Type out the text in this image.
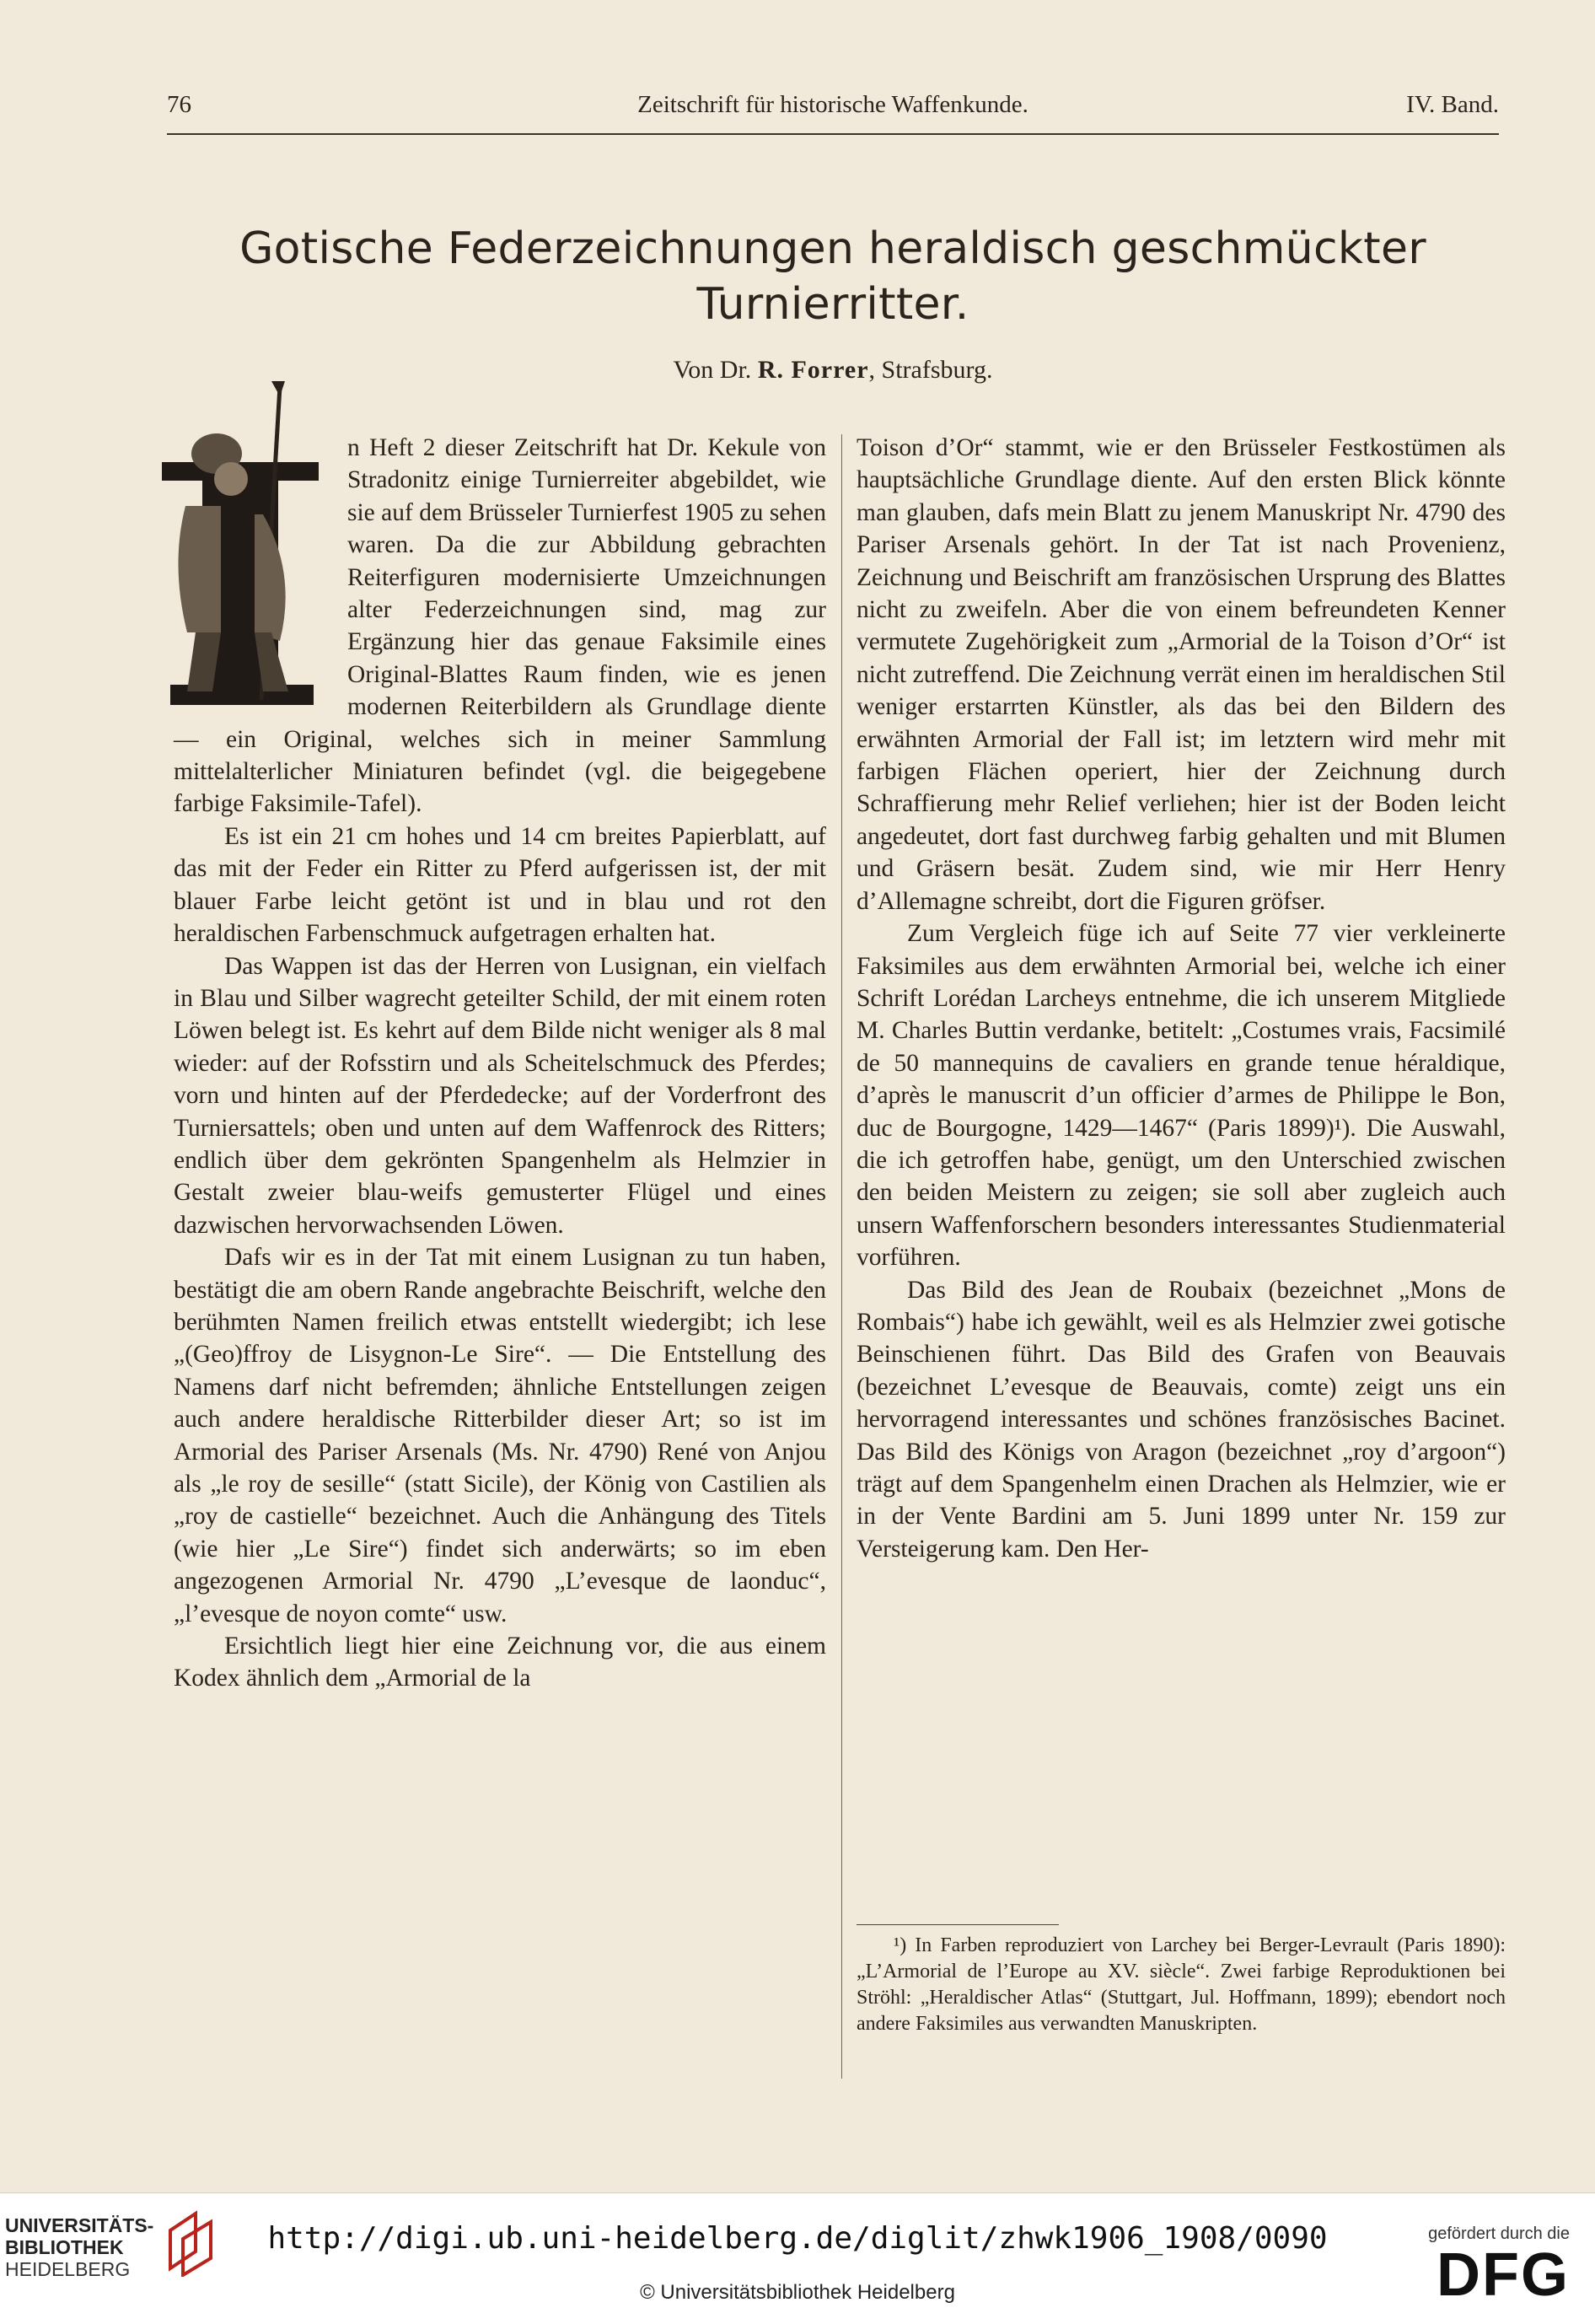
76	Zeitschrift für historische Waffenkunde.	IV. Band.
Gotische Federzeichnungen heraldisch geschmückter
Turnierritter.
Von Dr. R. Forrer, Strafsburg.

n Heft 2 dieser Zeitschrift hat Dr. Kekule von Stradonitz einige Turnierreiter abgebildet, wie sie auf dem Brüsseler Turnierfest 1905 zu sehen waren. Da die zur Abbildung gebrachten Reiterfiguren modernisierte Umzeichnungen alter Federzeichnungen sind, mag zur Ergänzung hier das genaue Faksimile eines Original-Blattes Raum finden, wie es jenen modernen Reiterbildern als Grundlage diente — ein Original, welches sich in meiner Sammlung mittelalterlicher Miniaturen befindet (vgl. die beigegebene farbige Faksimile-Tafel).

Es ist ein 21 cm hohes und 14 cm breites Papierblatt, auf das mit der Feder ein Ritter zu Pferd aufgerissen ist, der mit blauer Farbe leicht getönt ist und in blau und rot den heraldischen Farbenschmuck aufgetragen erhalten hat.

Das Wappen ist das der Herren von Lusignan, ein vielfach in Blau und Silber wagrecht geteilter Schild, der mit einem roten Löwen belegt ist. Es kehrt auf dem Bilde nicht weniger als 8 mal wieder: auf der Rofsstirn und als Scheitelschmuck des Pferdes; vorn und hinten auf der Pferdedecke; auf der Vorderfront des Turniersattels; oben und unten auf dem Waffenrock des Ritters; endlich über dem gekrönten Spangenhelm als Helmzier in Gestalt zweier blau-weifs gemusterter Flügel und eines dazwischen hervorwachsenden Löwen.

Dafs wir es in der Tat mit einem Lusignan zu tun haben, bestätigt die am obern Rande angebrachte Beischrift, welche den berühmten Namen freilich etwas entstellt wiedergibt; ich lese „(Geo)ffroy de Lisygnon-Le Sire“. — Die Entstellung des Namens darf nicht befremden; ähnliche Entstellungen zeigen auch andere heraldische Ritterbilder dieser Art; so ist im Armorial des Pariser Arsenals (Ms. Nr. 4790) René von Anjou als „le roy de sesille“ (statt Sicile), der König von Castilien als „roy de castielle“ bezeichnet. Auch die Anhängung des Titels (wie hier „Le Sire“) findet sich anderwärts; so im eben angezogenen Armorial Nr. 4790 „L’evesque de laonduc“, „l’evesque de noyon comte“ usw.

Ersichtlich liegt hier eine Zeichnung vor, die aus einem Kodex ähnlich dem „Armorial de la

Toison d’Or“ stammt, wie er den Brüsseler Festkostümen als hauptsächliche Grundlage diente. Auf den ersten Blick könnte man glauben, dafs mein Blatt zu jenem Manuskript Nr. 4790 des Pariser Arsenals gehört. In der Tat ist nach Provenienz, Zeichnung und Beischrift am französischen Ursprung des Blattes nicht zu zweifeln. Aber die von einem befreundeten Kenner vermutete Zugehörigkeit zum „Armorial de la Toison d’Or“ ist nicht zutreffend. Die Zeichnung verrät einen im heraldischen Stil weniger erstarrten Künstler, als das bei den Bildern des erwähnten Armorial der Fall ist; im letztern wird mehr mit farbigen Flächen operiert, hier der Zeichnung durch Schraffierung mehr Relief verliehen; hier ist der Boden leicht angedeutet, dort fast durchweg farbig gehalten und mit Blumen und Gräsern besät. Zudem sind, wie mir Herr Henry d’Allemagne schreibt, dort die Figuren gröfser.

Zum Vergleich füge ich auf Seite 77 vier verkleinerte Faksimiles aus dem erwähnten Armorial bei, welche ich einer Schrift Lorédan Larcheys entnehme, die ich unserem Mitgliede M. Charles Buttin verdanke, betitelt: „Costumes vrais, Facsimilé de 50 mannequins de cavaliers en grande tenue héraldique, d’après le manuscrit d’un officier d’armes de Philippe le Bon, duc de Bourgogne, 1429—1467“ (Paris 1899)¹). Die Auswahl, die ich getroffen habe, genügt, um den Unterschied zwischen den beiden Meistern zu zeigen; sie soll aber zugleich auch unsern Waffenforschern besonders interessantes Studienmaterial vorführen.

Das Bild des Jean de Roubaix (bezeichnet „Mons de Rombais“) habe ich gewählt, weil es als Helmzier zwei gotische Beinschienen führt. Das Bild des Grafen von Beauvais (bezeichnet L’evesque de Beauvais, comte) zeigt uns ein hervorragend interessantes und schönes französisches Bacinet. Das Bild des Königs von Aragon (bezeichnet „roy d’argoon“) trägt auf dem Spangenhelm einen Drachen als Helmzier, wie er in der Vente Bardini am 5. Juni 1899 unter Nr. 159 zur Versteigerung kam. Den Her-

¹) In Farben reproduziert von Larchey bei Berger-Levrault (Paris 1890): „L’Armorial de l’Europe au XV. siècle“. Zwei farbige Reproduktionen bei Ströhl: „Heraldischer Atlas“ (Stuttgart, Jul. Hoffmann, 1899); ebendort noch andere Faksimiles aus verwandten Manuskripten.

UNIVERSITÄTS-
BIBLIOTHEK
HEIDELBERG
http://digi.ub.uni-heidelberg.de/diglit/zhwk1906_1908/0090
© Universitätsbibliothek Heidelberg
gefördert durch die
DFG
